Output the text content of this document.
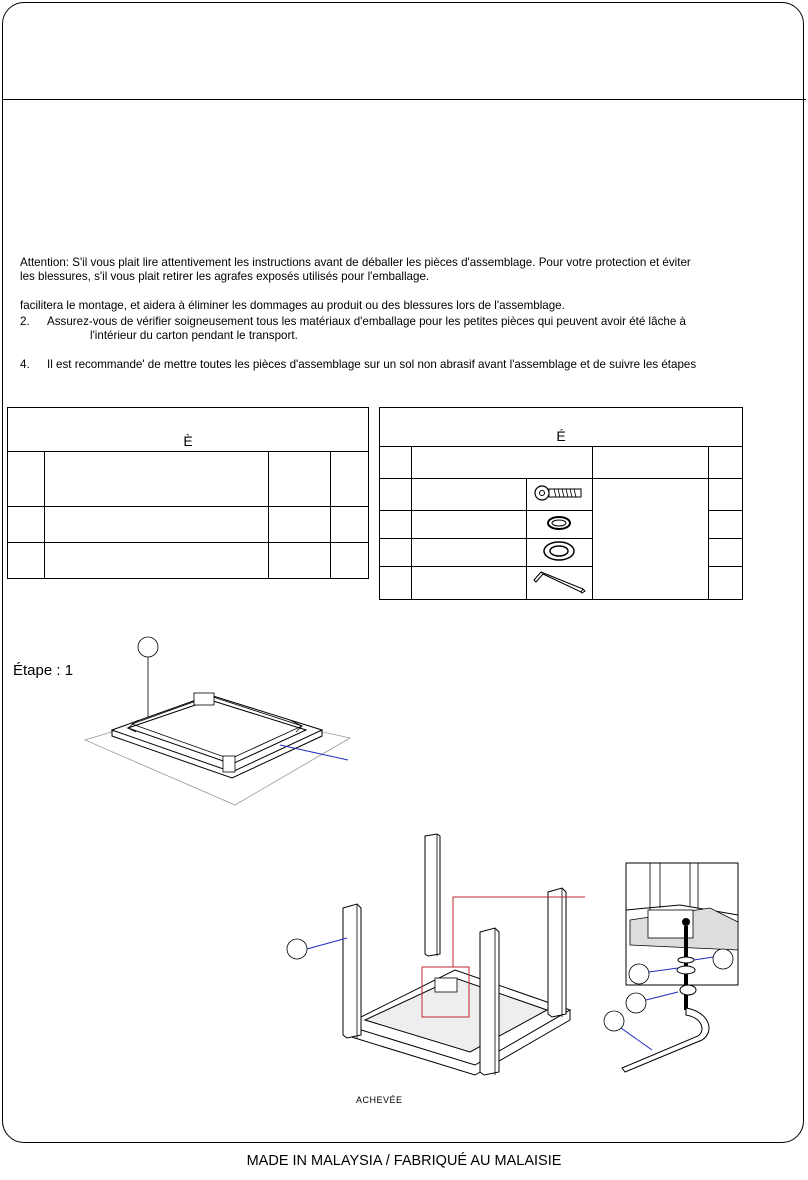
Attention: S'il vous plait lire attentivement les instructions avant de déballer les pièces d'assemblage. Pour votre protection et éviter
les blessures, s'il vous plait retirer les agrafes exposés utilisés pour l'emballage.
facilitera le montage, et aidera à éliminer les dommages au produit ou des blessures lors de l'assemblage.
2. Assurez-vous de vérifier soigneusement tous les matériaux d'emballage pour les petites pièces qui peuvent avoir été lâche à
l'intérieur du carton pendant le transport.
4. Il est recommande' de mettre toutes les pièces d'assemblage sur un sol non abrasif avant l'assemblage et de suivre les étapes
È			

				É				

Étape : 1
ACHEVÉE
MADE IN MALAYSIA / FABRIQUÉ AU MALAISIE
